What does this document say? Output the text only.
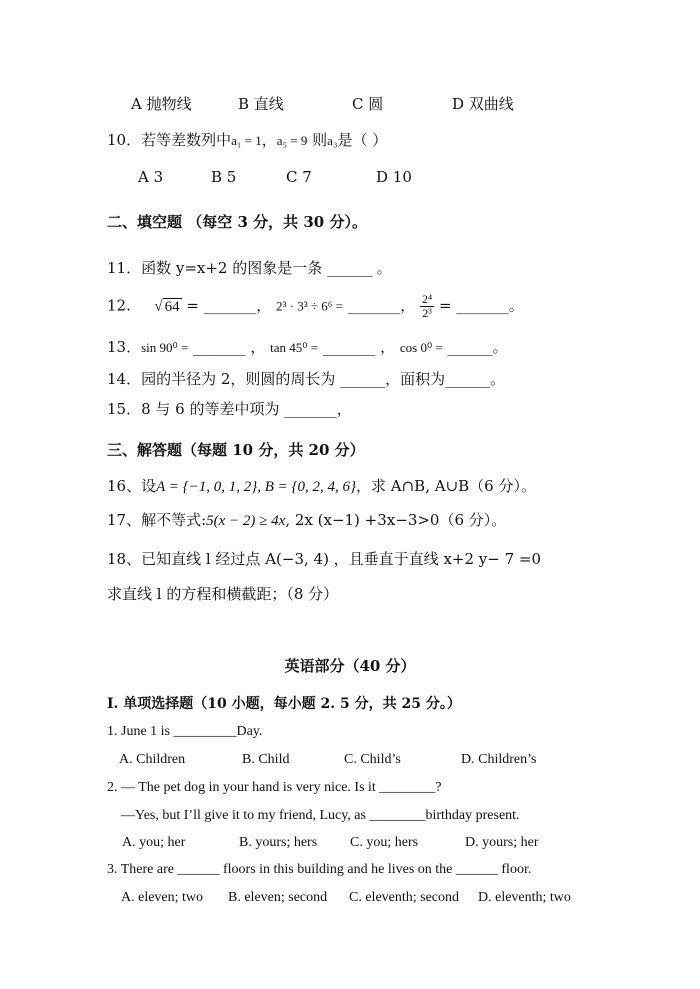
A 抛物线	B 直线	C 圆	D 双曲线
10．若等差数列中a₁ = 1，a₅ = 9 则a₃是（ ）
A 3	B 5	C 7	D 10
二、填空题 （每空 3 分，共 30 分）。
11．函数 y=x+2 的图象是一条 ______ 。
12. √ 64 = _______， 2³ · 3³ ÷ 6⁶ = _______， $\frac{\text{2⁴}}{\text{2³}}$ = _______。
13．sin 90⁰ = _______ ， tan 45⁰ = _______ ， cos 0⁰ = ______。
14．园的半径为 2，则圆的周长为 ______，面积为______。
15．8 与 6 的等差中项为 _______，
三、解答题（每题 10 分，共 20 分）
16、设A = {−1, 0, 1, 2}, B = {0, 2, 4, 6}，求 A∩B, A∪B（6 分）。
17、解不等式:5(x − 2) ≥ 4x, 2x (x−1) +3x−3>0（6 分）。
18、已知直线 l 经过点 A(−3, 4) ，且垂直于直线 x+2 y− 7 =0
求直线 l 的方程和横截距；（8 分）
英语部分（40 分）
I. 单项选择题（10 小题，每小题 2. 5 分，共 25 分。）
1. June 1 is _________Day.
A. Children	B. Child	C. Child’s	D. Children’s
2. — The pet dog in your hand is very nice. Is it ________?
—Yes, but I’ll give it to my friend, Lucy, as ________birthday present.
A. you; her	B. yours; hers C. you; hers	D. yours; her
3. There are ______ floors in this building and he lives on the ______ floor.
A. eleven; two B. eleven; second C. eleventh; second D. eleventh; two
